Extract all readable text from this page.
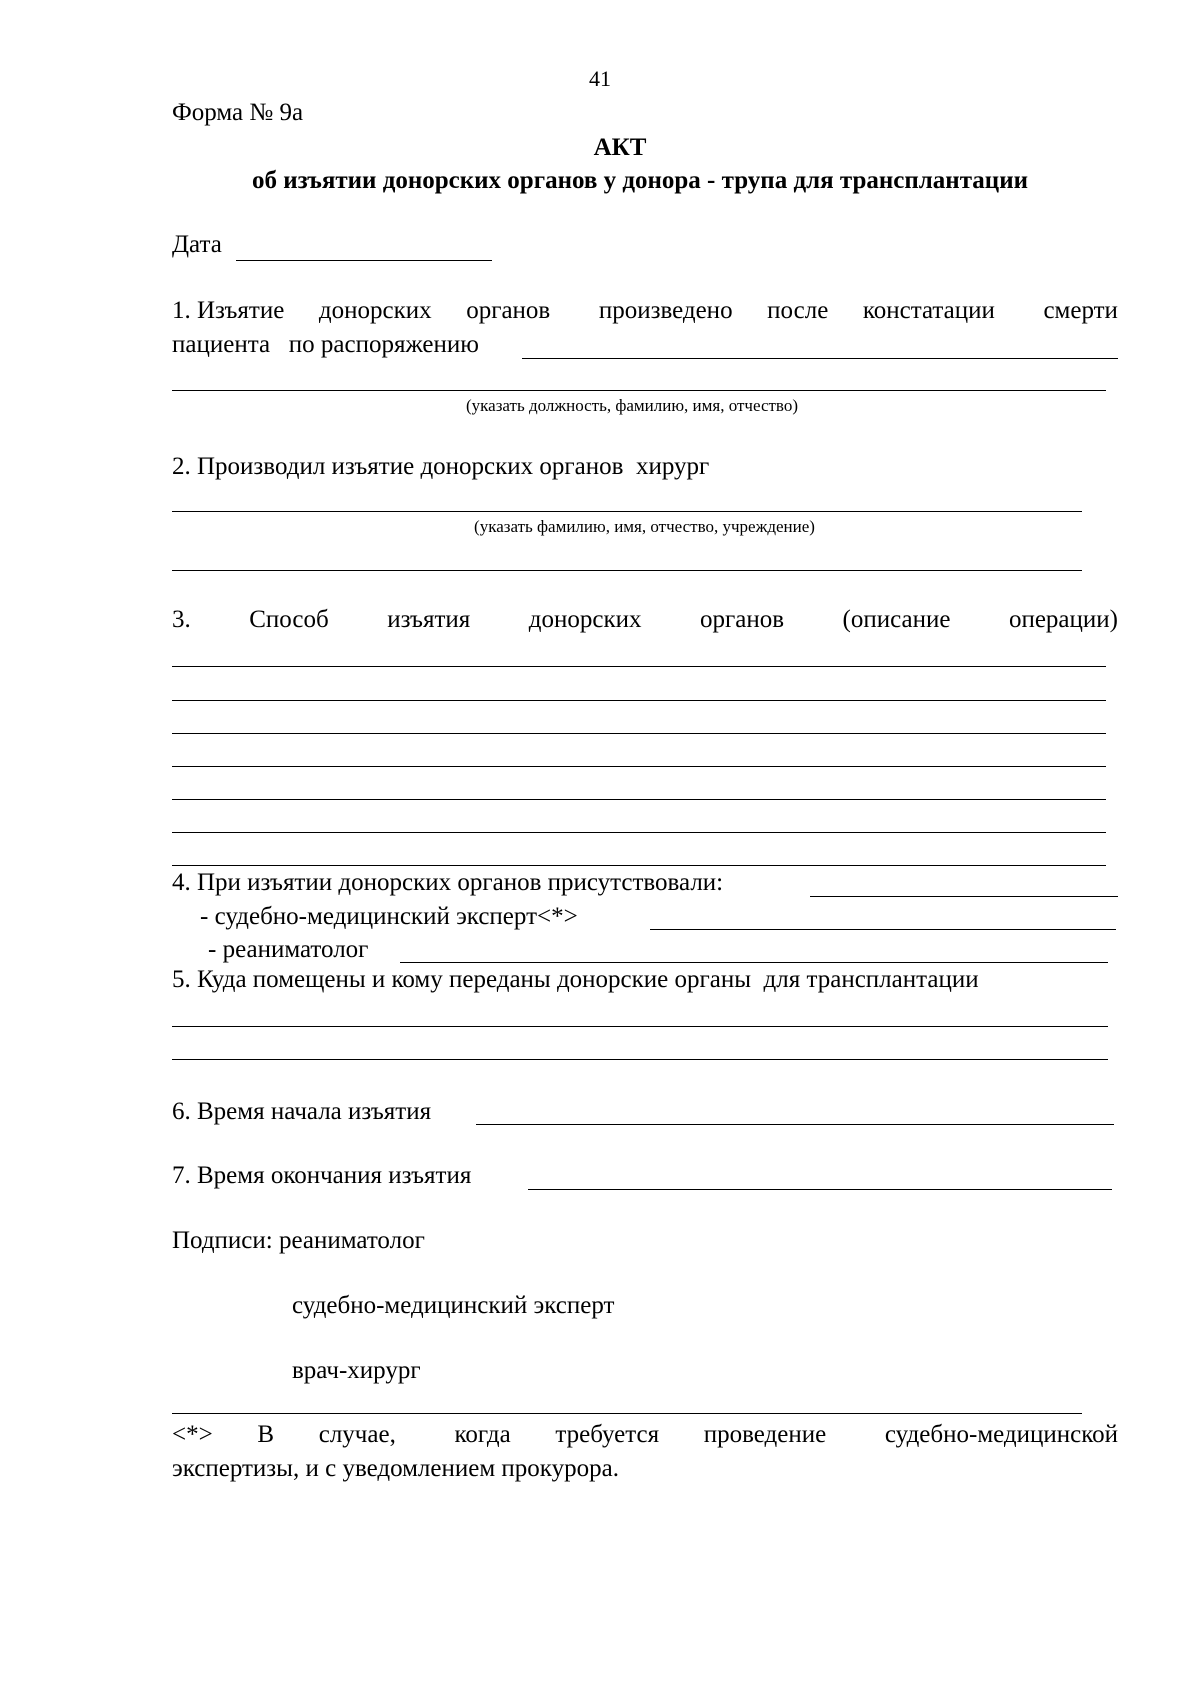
41
Форма № 9а
АКТ
об изъятии донорских органов у донора - трупа для трансплантации
Дата
1. Изъятие донорских органов произведено после констатации смерти
пациента   по распоряжению
(указать должность, фамилию, имя, отчество)
2. Производил изъятие донорских органов  хирург
(указать фамилию, имя, отчество, учреждение)
3. Способ изъятия донорских органов (описание операции)
4. При изъятии донорских органов присутствовали:
- судебно-медицинский эксперт<*>
- реаниматолог
5. Куда помещены и кому переданы донорские органы  для трансплантации
6. Время начала изъятия
7. Время окончания изъятия
Подписи: реаниматолог
судебно-медицинский эксперт
врач-хирург
<*> В случае, когда требуется проведение судебно-медицинской
экспертизы, и с уведомлением прокурора.
